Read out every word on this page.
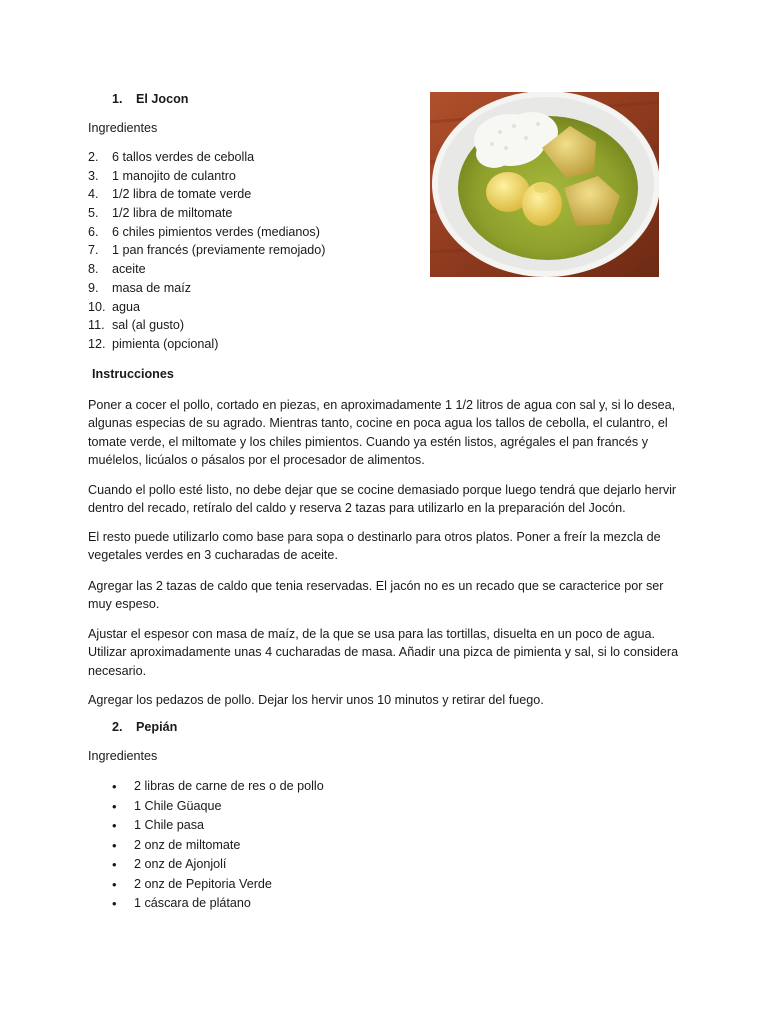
1. El Jocon
Ingredientes
2.	6 tallos verdes de cebolla
3.	1 manojito de culantro
4.	1/2 libra de tomate verde
5.	1/2 libra de miltomate
6.	6 chiles pimientos verdes (medianos)
7.	1 pan francés (previamente remojado)
8.	aceite
9.	masa de maíz
10. agua
11. sal (al gusto)
12. pimienta (opcional)
Instrucciones

Poner a cocer el pollo, cortado en piezas, en aproximadamente 1 1/2 litros de agua con sal y, si lo desea, algunas especias de su agrado. Mientras tanto, cocine en poca agua los tallos de cebolla, el culantro, el tomate verde, el miltomate y los chiles pimientos. Cuando ya estén listos, agrégales el pan francés y muélelos, licúalos o pásalos por el procesador de alimentos.

Cuando el pollo esté listo, no debe dejar que se cocine demasiado porque luego tendrá que dejarlo hervir dentro del recado, retíralo del caldo y reserva 2 tazas para utilizarlo en la preparación del Jocón.

El resto puede utilizarlo como base para sopa o destinarlo para otros platos. Poner a freír la mezcla de vegetales verdes en 3 cucharadas de aceite.

Agregar las 2 tazas de caldo que tenia reservadas. El jacón no es un recado que se caracterice por ser muy espeso.

Ajustar el espesor con masa de maíz, de la que se usa para las tortillas, disuelta en un poco de agua. Utilizar aproximadamente unas 4 cucharadas de masa. Añadir una pizca de pimienta y sal, si lo considera necesario.

Agregar los pedazos de pollo. Dejar los hervir unos 10 minutos y retirar del fuego.

2. Pepián
Ingredientes
• 2 libras de carne de res o de pollo
• 1 Chile Güaque
• 1 Chile pasa
• 2 onz de miltomate
• 2 onz de Ajonjolí
• 2 onz de Pepitoria Verde
• 1 cáscara de plátano
